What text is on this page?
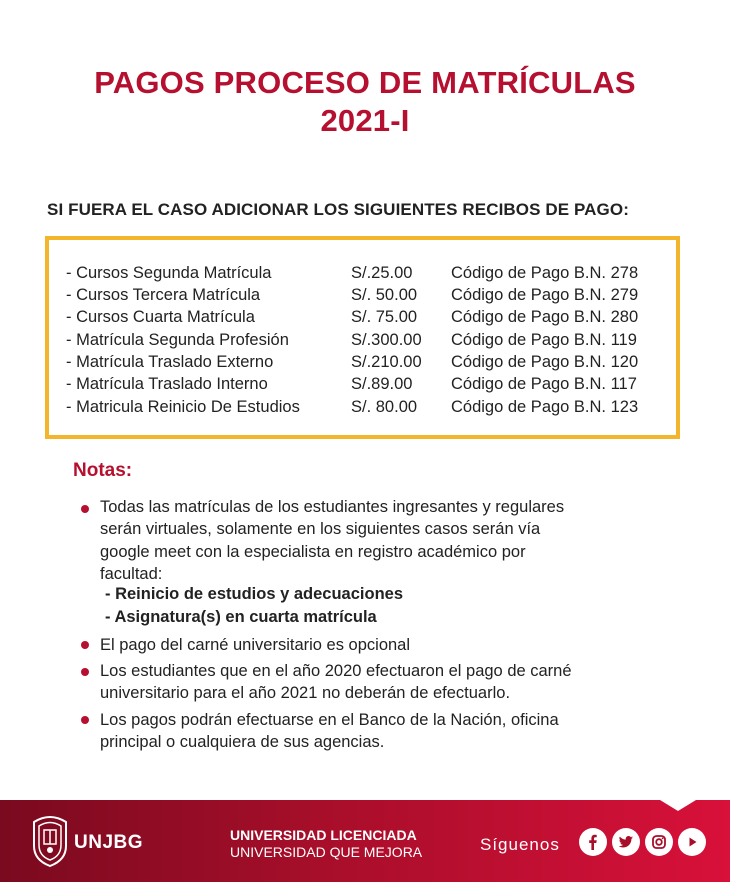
PAGOS PROCESO DE MATRÍCULAS
2021-I
SI FUERA EL CASO ADICIONAR LOS SIGUIENTES RECIBOS DE PAGO:
- Cursos Segunda Matrícula	S/.25.00 Código de Pago B.N. 278
- Cursos Tercera Matrícula	S/. 50.00 Código de Pago B.N. 279
- Cursos Cuarta Matrícula	S/. 75.00 Código de Pago B.N. 280
- Matrícula Segunda Profesión	S/.300.00 Código de Pago B.N. 119
- Matrícula Traslado Externo	S/.210.00 Código de Pago B.N. 120
- Matrícula Traslado Interno	S/.89.00 Código de Pago B.N. 117
- Matricula Reinicio De Estudios	S/. 80.00 Código de Pago B.N. 123
Notas:
Todas las matrículas de los estudiantes ingresantes y regulares
serán virtuales, solamente en los siguientes casos serán vía
google meet con la especialista en registro académico por
facultad:
- Reinicio de estudios y adecuaciones
- Asignatura(s) en cuarta matrícula
El pago del carné universitario es opcional
Los estudiantes que en el año 2020 efectuaron el pago de carné
universitario para el año 2021 no deberán de efectuarlo.
Los pagos podrán efectuarse en el Banco de la Nación, oficina
principal o cualquiera de sus agencias.
UNJBG	UNIVERSIDAD LICENCIADA
UNIVERSIDAD QUE MEJORA	Síguenos
